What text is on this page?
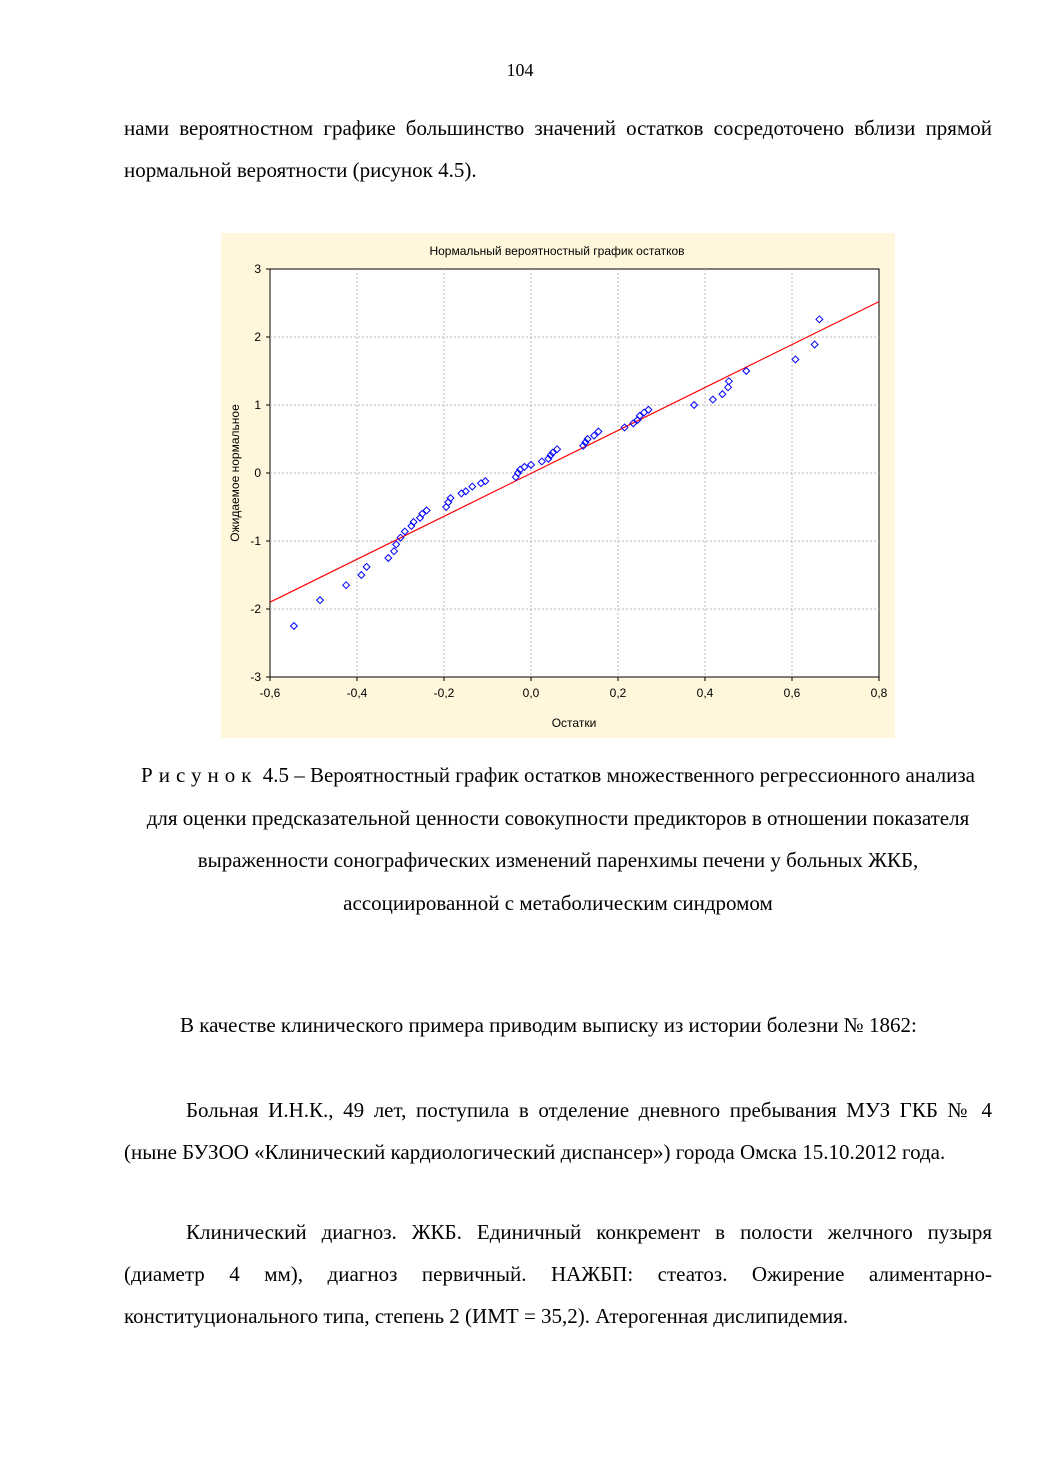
104

нами вероятностном графике большинство значений остатков сосредоточено вблизи прямой нормальной вероятности (рисунок 4.5).

Нормальный вероятностный график остатков
3
2
1
0
-1
-2
-3
-0,6	-0,4	-0,2	0,0	0,2	0,4	0,6	0,8
Остатки
Ожидаемое нормальное
Рисунок 4.5 – Вероятностный график остатков множественного регрессионного анализа для оценки предсказательной ценности совокупности предикторов в отношении показателя выраженности сонографических изменений паренхимы печени у больных ЖКБ, ассоциированной с метаболическим синдромом

В качестве клинического примера приводим выписку из истории болезни № 1862:

Больная И.Н.К., 49 лет, поступила в отделение дневного пребывания МУЗ ГКБ № 4 (ныне БУЗОО «Клинический кардиологический диспансер») города Омска 15.10.2012 года.

Клинический диагноз. ЖКБ. Единичный конкремент в полости желчного пузыря (диаметр 4 мм), диагноз первичный. НАЖБП: стеатоз. Ожирение алиментарно-конституционального типа, степень 2 (ИМТ = 35,2). Атерогенная дислипидемия.
